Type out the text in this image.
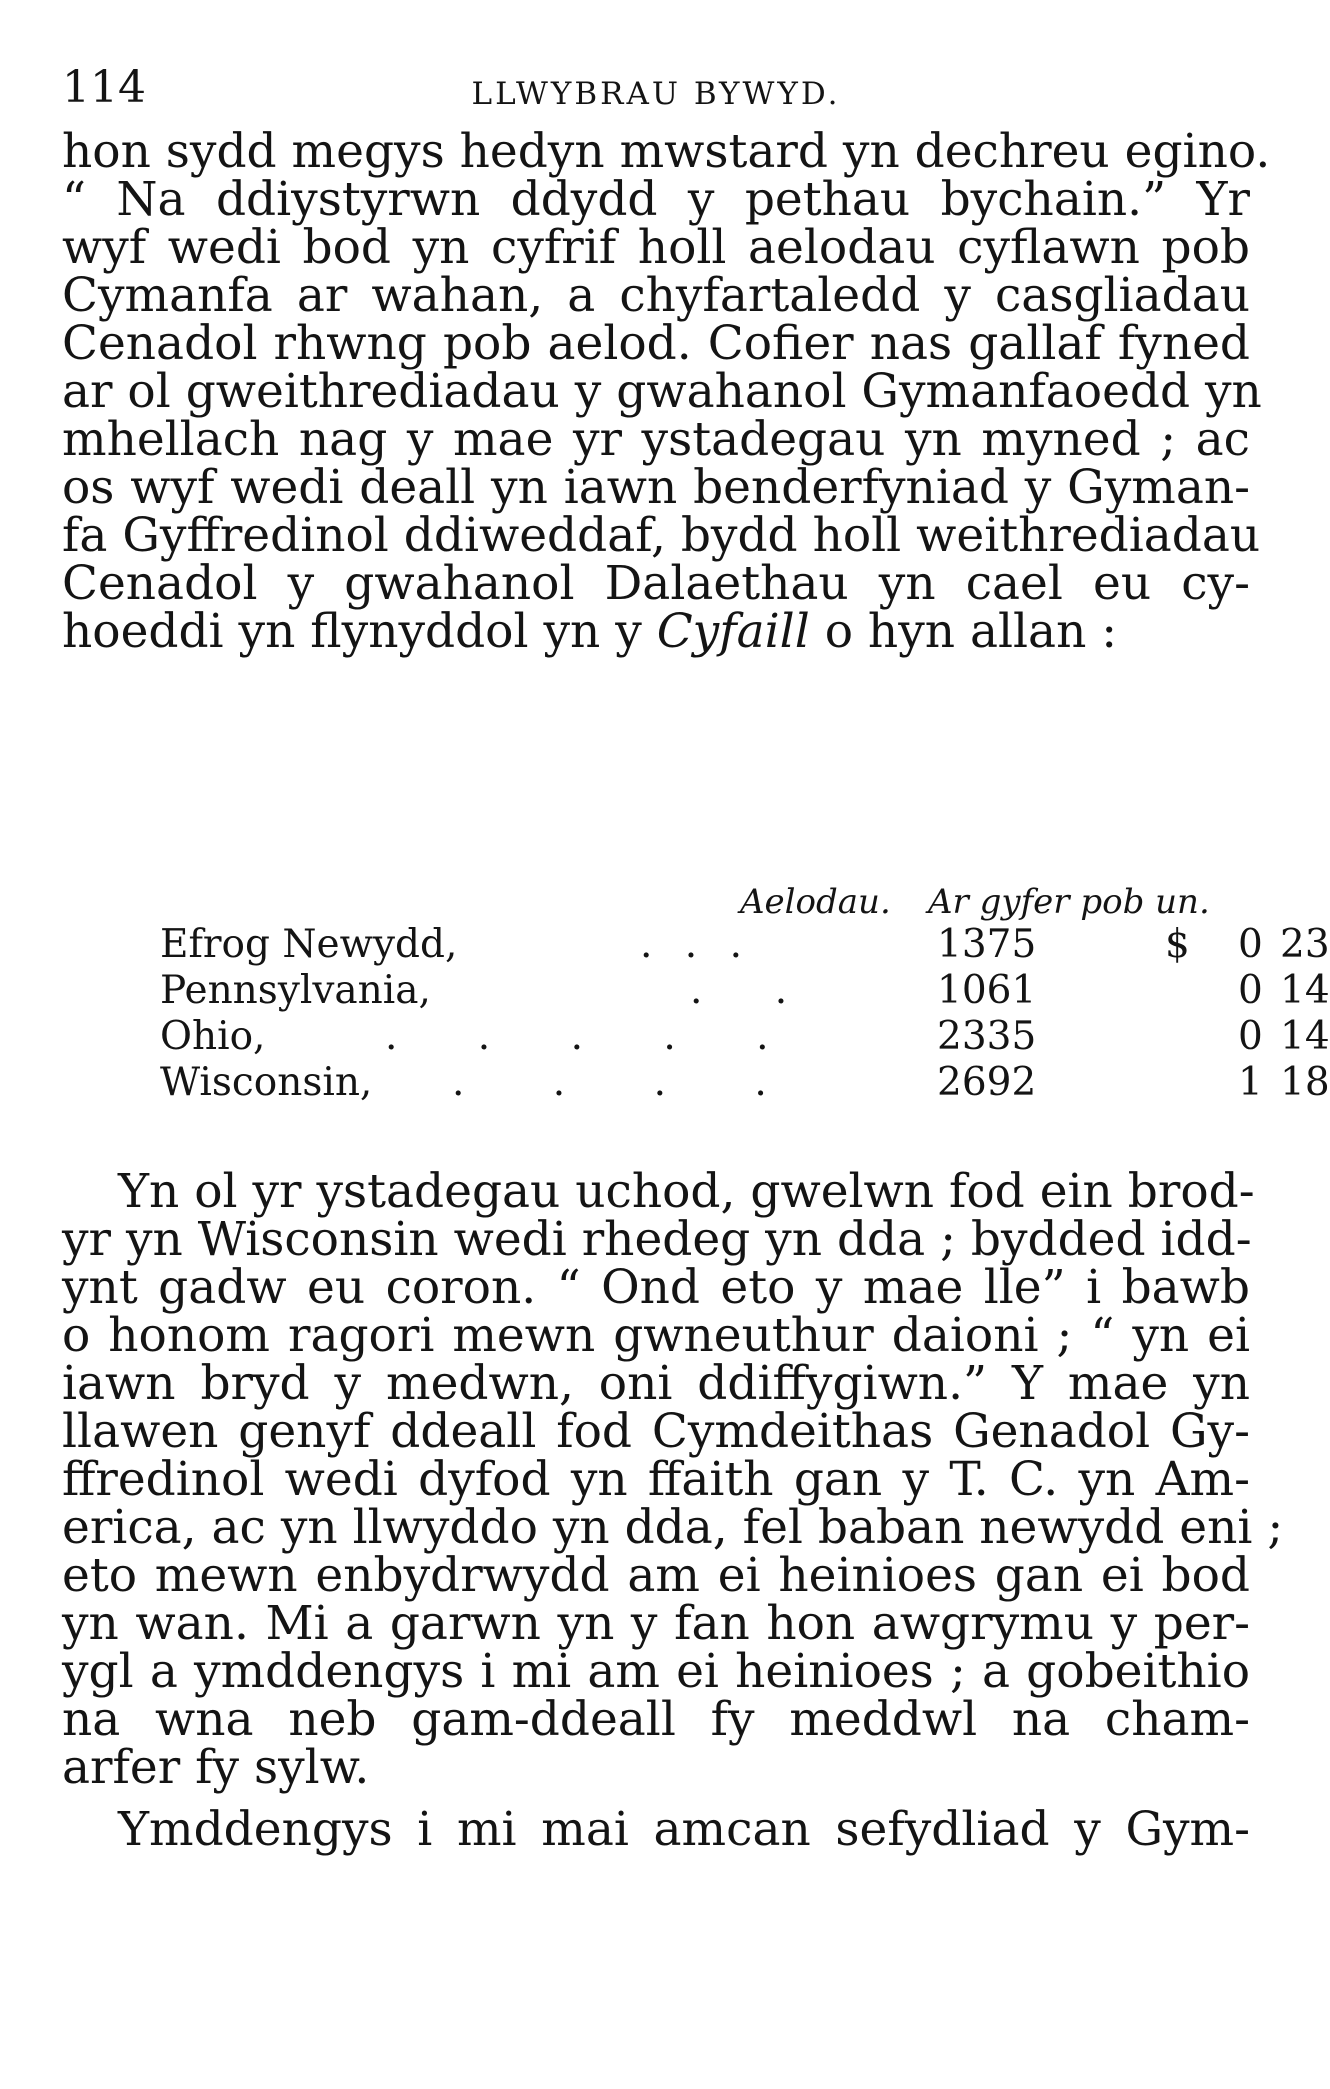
114	LLWYBRAU BYWYD.
hon sydd megys hedyn mwstard yn dechreu egino.
“ Na ddiystyrwn ddydd y pethau bychain.” Yr
wyf wedi bod yn cyfrif holl aelodau cyflawn pob
Cymanfa ar wahan, a chyfartaledd y casgliadau
Cenadol rhwng pob aelod. Cofier nas gallaf fyned
ar ol gweithrediadau y gwahanol Gymanfaoedd yn
mhellach nag y mae yr ystadegau yn myned ; ac
os wyf wedi deall yn iawn benderfyniad y Gyman-
fa Gyffredinol ddiweddaf, bydd holl weithrediadau
Cenadol y gwahanol Dalaethau yn cael eu cy-
hoeddi yn flynyddol yn y Cyfaill o hyn allan :
Aelodau. Ar gyfer pob un.
Efrog Newydd,	. . .	1375	$ 0 23
Pennsylvania,	. .	1061	0 14
Ohio,	. . . . .	2335	0 14
Wisconsin, . . . .	2692	1 18
Yn ol yr ystadegau uchod, gwelwn fod ein brod-
yr yn Wisconsin wedi rhedeg yn dda ; bydded idd-
ynt gadw eu coron. “ Ond eto y mae lle” i bawb
o honom ragori mewn gwneuthur daioni ; “ yn ei
iawn bryd y medwn, oni ddiffygiwn.” Y mae yn
llawen genyf ddeall fod Cymdeithas Genadol Gy-
ffredinol wedi dyfod yn ffaith gan y T. C. yn Am-
erica, ac yn llwyddo yn dda, fel baban newydd eni ;
eto mewn enbydrwydd am ei heinioes gan ei bod
yn wan. Mi a garwn yn y fan hon awgrymu y per-
ygl a ymddengys i mi am ei heinioes ; a gobeithio
na wna neb gam-ddeall fy meddwl na cham-
arfer fy sylw.
Ymddengys i mi mai amcan sefydliad y Gym-
